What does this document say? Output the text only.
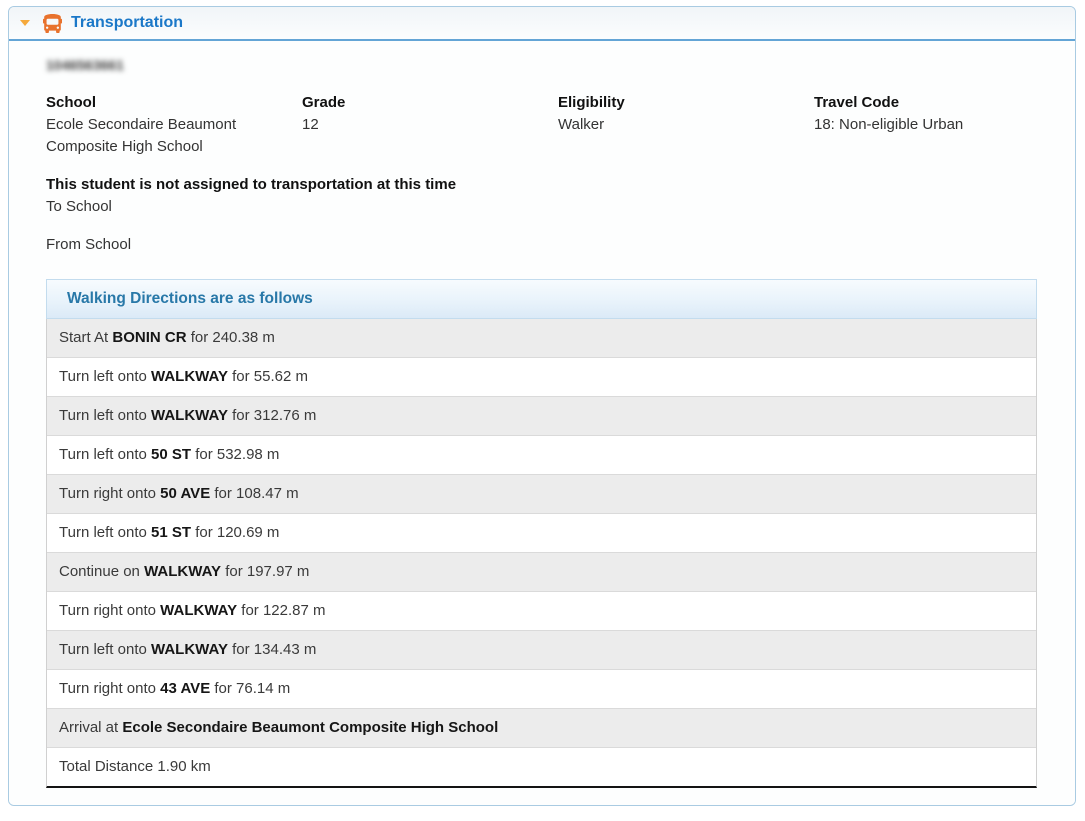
Transportation
1046563661
School
Ecole Secondaire Beaumont Composite High School
Grade
12
Eligibility
Walker
Travel Code
18: Non-eligible Urban
This student is not assigned to transportation at this time
To School
From School
Walking Directions are as follows
Start At BONIN CR for 240.38 m
Turn left onto WALKWAY for 55.62 m
Turn left onto WALKWAY for 312.76 m
Turn left onto 50 ST for 532.98 m
Turn right onto 50 AVE for 108.47 m
Turn left onto 51 ST for 120.69 m
Continue on WALKWAY for 197.97 m
Turn right onto WALKWAY for 122.87 m
Turn left onto WALKWAY for 134.43 m
Turn right onto 43 AVE for 76.14 m
Arrival at Ecole Secondaire Beaumont Composite High School
Total Distance 1.90 km
